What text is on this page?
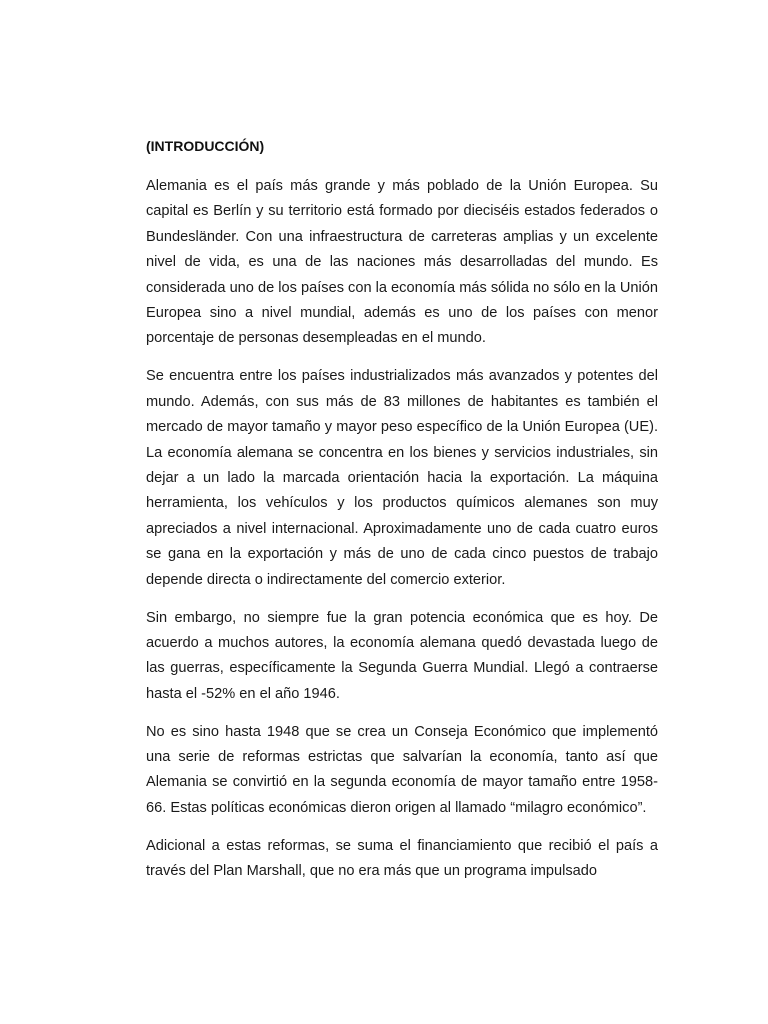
(INTRODUCCIÓN)

Alemania es el país más grande y más poblado de la Unión Europea. Su capital es Berlín y su territorio está formado por dieciséis estados federados o Bundesländer. Con una infraestructura de carreteras amplias y un excelente nivel de vida, es una de las naciones más desarrolladas del mundo. Es considerada uno de los países con la economía más sólida no sólo en la Unión Europea sino a nivel mundial, además es uno de los países con menor porcentaje de personas desempleadas en el mundo.

Se encuentra entre los países industrializados más avanzados y potentes del mundo. Además, con sus más de 83 millones de habitantes es también el mercado de mayor tamaño y mayor peso específico de la Unión Europea (UE). La economía alemana se concentra en los bienes y servicios industriales, sin dejar a un lado la marcada orientación hacia la exportación. La máquina herramienta, los vehículos y los productos químicos alemanes son muy apreciados a nivel internacional. Aproximadamente uno de cada cuatro euros se gana en la exportación y más de uno de cada cinco puestos de trabajo depende directa o indirectamente del comercio exterior.

Sin embargo, no siempre fue la gran potencia económica que es hoy. De acuerdo a muchos autores, la economía alemana quedó devastada luego de las guerras, específicamente la Segunda Guerra Mundial. Llegó a contraerse hasta el -52% en el año 1946.

No es sino hasta 1948 que se crea un Conseja Económico que implementó una serie de reformas estrictas que salvarían la economía, tanto así que Alemania se convirtió en la segunda economía de mayor tamaño entre 1958-66. Estas políticas económicas dieron origen al llamado “milagro económico”.

Adicional a estas reformas, se suma el financiamiento que recibió el país a través del Plan Marshall, que no era más que un programa impulsado
